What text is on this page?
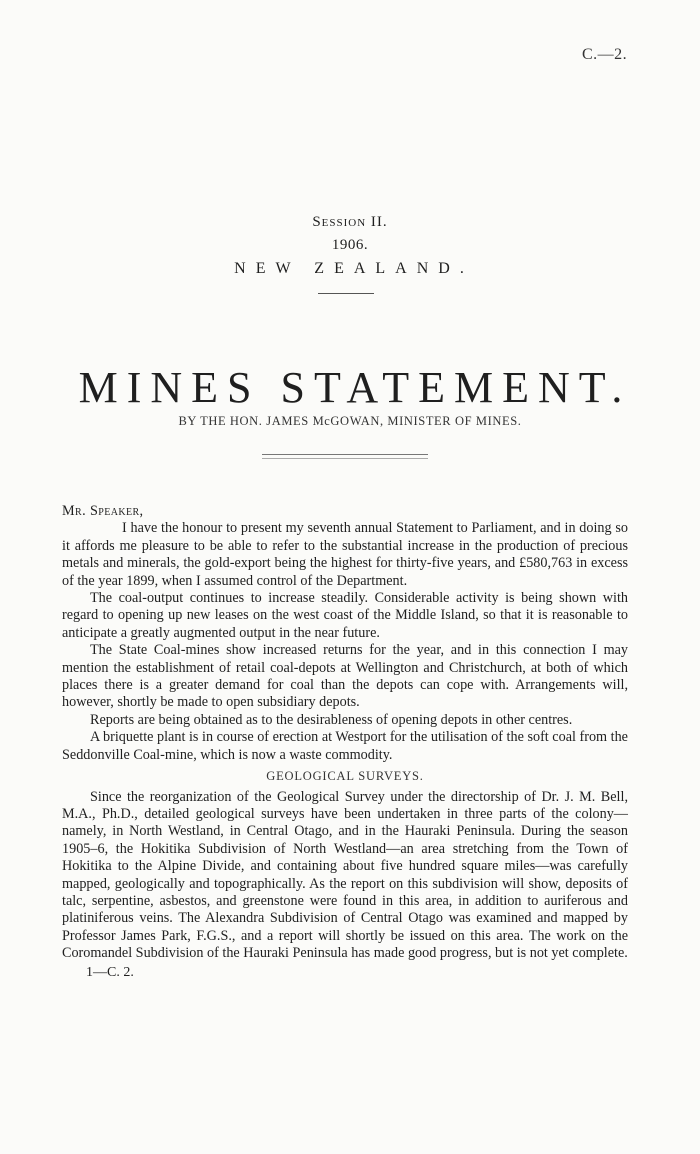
C.—2.
Session II.
1906.
NEW ZEALAND.
MINES STATEMENT.
BY THE HON. JAMES McGOWAN, MINISTER OF MINES.

Mr. Speaker,

I have the honour to present my seventh annual Statement to Parliament, and in doing so it affords me pleasure to be able to refer to the substantial increase in the production of precious metals and minerals, the gold-export being the highest for thirty-five years, and £580,763 in excess of the year 1899, when I assumed control of the Department.

The coal-output continues to increase steadily. Considerable activity is being shown with regard to opening up new leases on the west coast of the Middle Island, so that it is reasonable to anticipate a greatly augmented output in the near future.

The State Coal-mines show increased returns for the year, and in this connection I may mention the establishment of retail coal-depots at Wellington and Christchurch, at both of which places there is a greater demand for coal than the depots can cope with. Arrangements will, however, shortly be made to open subsidiary depots.

Reports are being obtained as to the desirableness of opening depots in other centres.

A briquette plant is in course of erection at Westport for the utilisation of the soft coal from the Seddonville Coal-mine, which is now a waste commodity.

GEOLOGICAL SURVEYS.

Since the reorganization of the Geological Survey under the directorship of Dr. J. M. Bell, M.A., Ph.D., detailed geological surveys have been undertaken in three parts of the colony—namely, in North Westland, in Central Otago, and in the Hauraki Peninsula. During the season 1905–6, the Hokitika Subdivision of North Westland—an area stretching from the Town of Hokitika to the Alpine Divide, and containing about five hundred square miles—was carefully mapped, geologically and topographically. As the report on this subdivision will show, deposits of talc, serpentine, asbestos, and greenstone were found in this area, in addition to auriferous and platiniferous veins. The Alexandra Subdivision of Central Otago was examined and mapped by Professor James Park, F.G.S., and a report will shortly be issued on this area. The work on the Coromandel Subdivision of the Hauraki Peninsula has made good progress, but is not yet complete.

1—C. 2.
